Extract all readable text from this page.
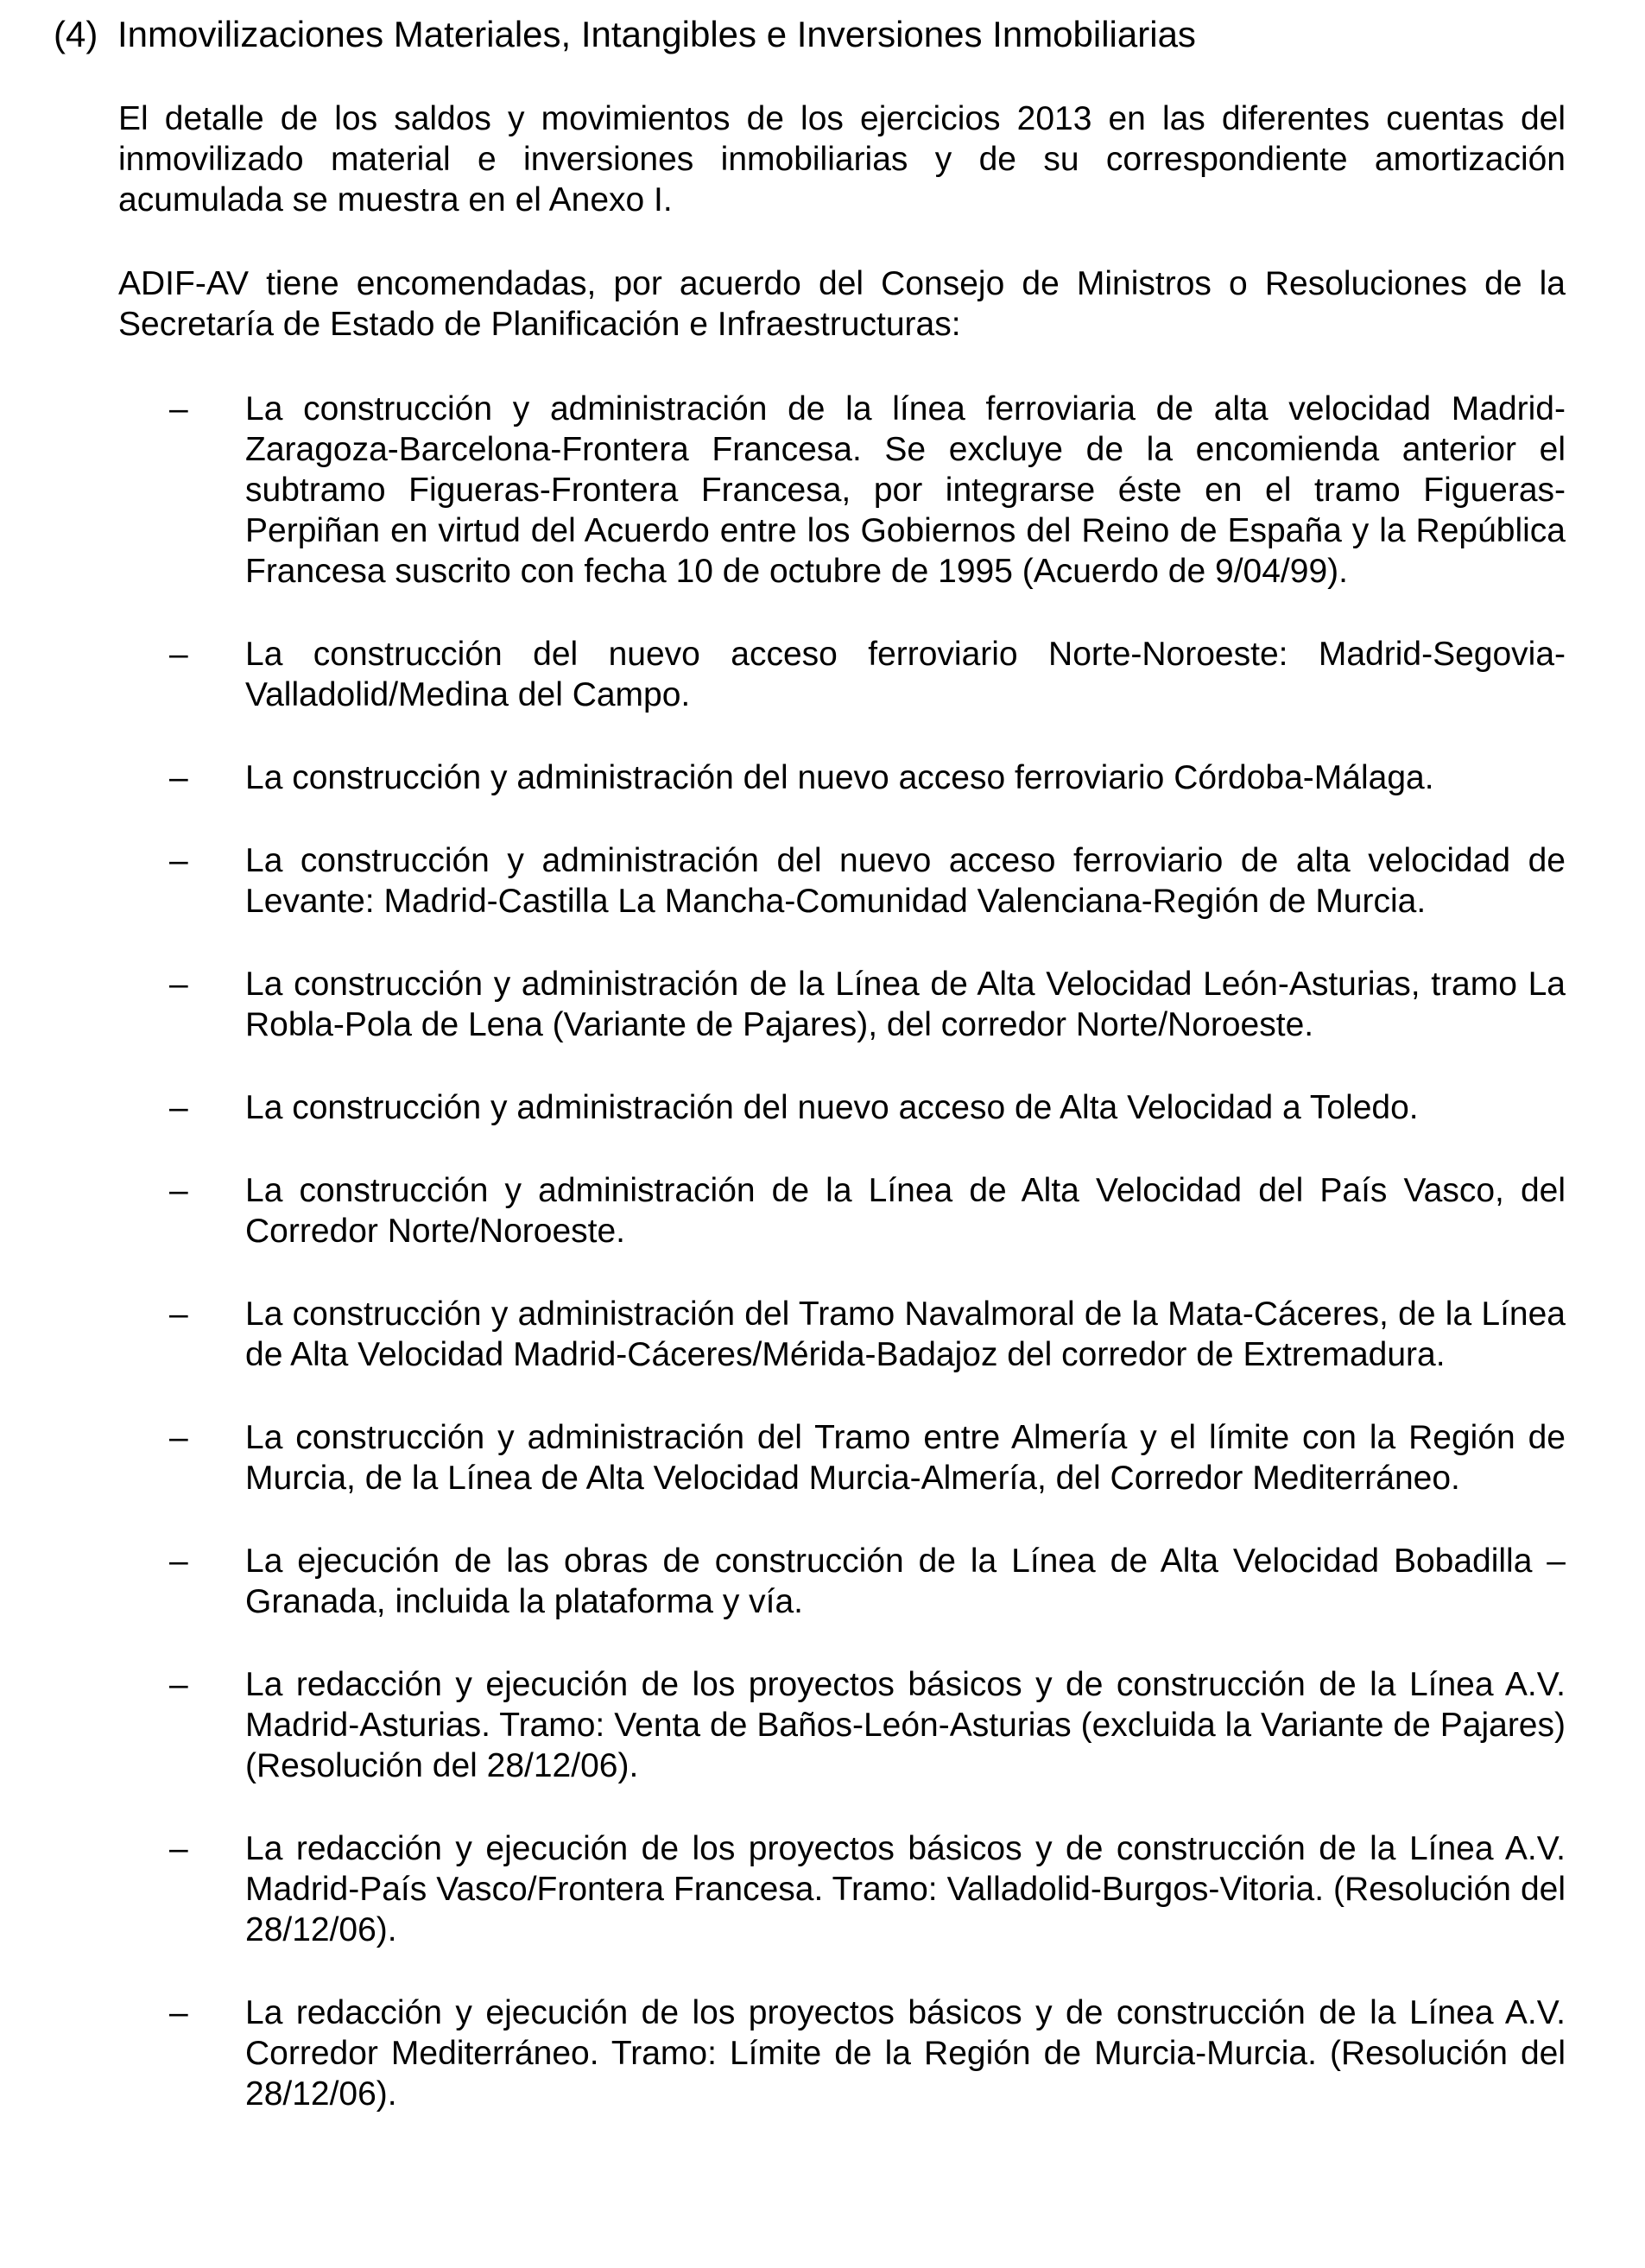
(4) Inmovilizaciones Materiales, Intangibles e Inversiones Inmobiliarias

El detalle de los saldos y movimientos de los ejercicios 2013 en las diferentes cuentas del inmovilizado material e inversiones inmobiliarias y de su correspondiente amortización acumulada se muestra en el Anexo I.

ADIF-AV tiene encomendadas, por acuerdo del Consejo de Ministros o Resoluciones de la Secretaría de Estado de Planificación e Infraestructuras:

– La construcción y administración de la línea ferroviaria de alta velocidad Madrid-Zaragoza-Barcelona-Frontera Francesa. Se excluye de la encomienda anterior el subtramo Figueras-Frontera Francesa, por integrarse éste en el tramo Figueras-Perpiñan en virtud del Acuerdo entre los Gobiernos del Reino de España y la República Francesa suscrito con fecha 10 de octubre de 1995 (Acuerdo de 9/04/99).
– La construcción del nuevo acceso ferroviario Norte-Noroeste: Madrid-Segovia-Valladolid/Medina del Campo.
– La construcción y administración del nuevo acceso ferroviario Córdoba-Málaga.
– La construcción y administración del nuevo acceso ferroviario de alta velocidad de Levante: Madrid-Castilla La Mancha-Comunidad Valenciana-Región de Murcia.
– La construcción y administración de la Línea de Alta Velocidad León-Asturias, tramo La Robla-Pola de Lena (Variante de Pajares), del corredor Norte/Noroeste.
– La construcción y administración del nuevo acceso de Alta Velocidad a Toledo.
– La construcción y administración de la Línea de Alta Velocidad del País Vasco, del Corredor Norte/Noroeste.
– La construcción y administración del Tramo Navalmoral de la Mata-Cáceres, de la Línea de Alta Velocidad Madrid-Cáceres/Mérida-Badajoz del corredor de Extremadura.
– La construcción y administración del Tramo entre Almería y el límite con la Región de Murcia, de la Línea de Alta Velocidad Murcia-Almería, del Corredor Mediterráneo.
– La ejecución de las obras de construcción de la Línea de Alta Velocidad Bobadilla – Granada, incluida la plataforma y vía.
– La redacción y ejecución de los proyectos básicos y de construcción de la Línea A.V. Madrid-Asturias. Tramo: Venta de Baños-León-Asturias (excluida la Variante de Pajares) (Resolución del 28/12/06).
– La redacción y ejecución de los proyectos básicos y de construcción de la Línea A.V. Madrid-País Vasco/Frontera Francesa. Tramo: Valladolid-Burgos-Vitoria. (Resolución del 28/12/06).
– La redacción y ejecución de los proyectos básicos y de construcción de la Línea A.V. Corredor Mediterráneo. Tramo: Límite de la Región de Murcia-Murcia. (Resolución del 28/12/06).
